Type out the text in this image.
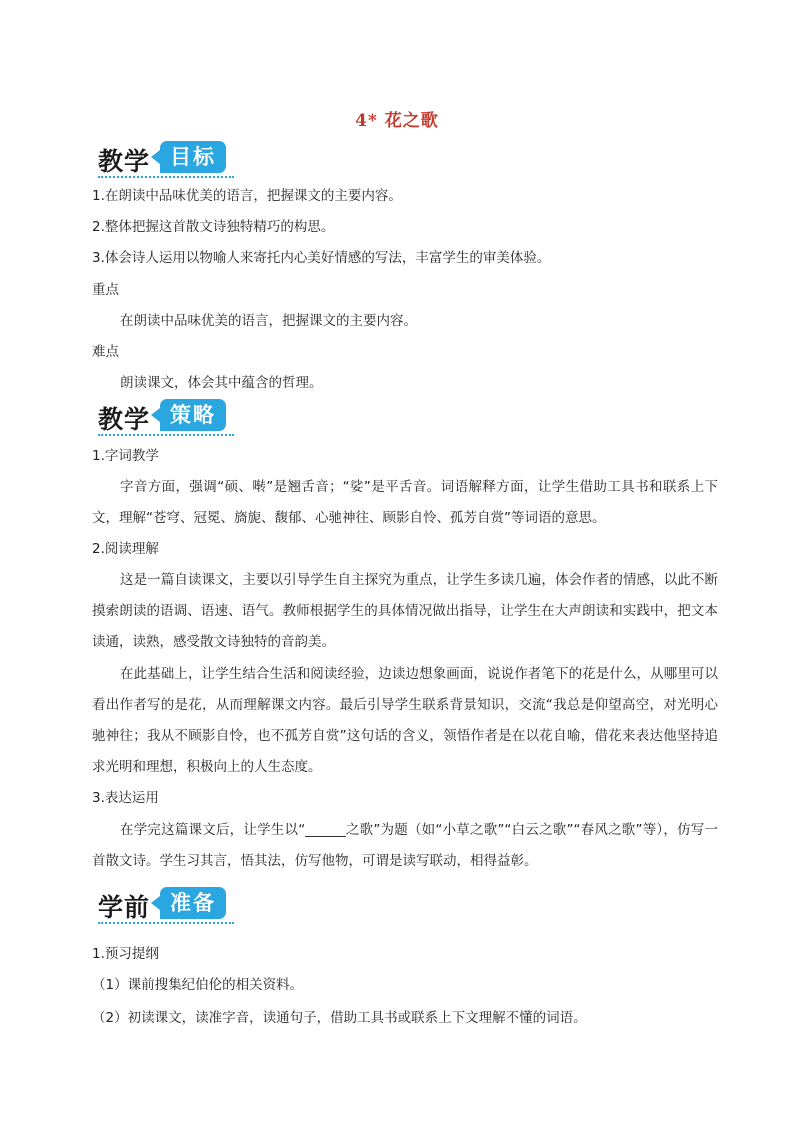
4* 花之歌
教学 目标
1.在朗读中品味优美的语言，把握课文的主要内容。
2.整体把握这首散文诗独特精巧的构思。
3.体会诗人运用以物喻人来寄托内心美好情感的写法，丰富学生的审美体验。
重点
在朗读中品味优美的语言，把握课文的主要内容。
难点
朗读课文，体会其中蕴含的哲理。
教学 策略
1.字词教学
字音方面，强调“硕、啭”是翘舌音；“娑”是平舌音。词语解释方面，让学生借助工具书和联系上下文，理解“苍穹、冠冕、旖旎、馥郁、心驰神往、顾影自怜、孤芳自赏”等词语的意思。
2.阅读理解
这是一篇自读课文，主要以引导学生自主探究为重点，让学生多读几遍，体会作者的情感，以此不断摸索朗读的语调、语速、语气。教师根据学生的具体情况做出指导，让学生在大声朗读和实践中，把文本读通，读熟，感受散文诗独特的音韵美。
在此基础上，让学生结合生活和阅读经验，边读边想象画面，说说作者笔下的花是什么，从哪里可以看出作者写的是花，从而理解课文内容。最后引导学生联系背景知识，交流“我总是仰望高空，对光明心驰神往；我从不顾影自怜，也不孤芳自赏”这句话的含义，领悟作者是在以花自喻，借花来表达他坚持追求光明和理想，积极向上的人生态度。
3.表达运用
在学完这篇课文后，让学生以“______之歌”为题（如“小草之歌”“白云之歌”“春风之歌”等），仿写一首散文诗。学生习其言，悟其法，仿写他物，可谓是读写联动，相得益彰。
学前 准备
1.预习提纲
（1）课前搜集纪伯伦的相关资料。
（2）初读课文，读准字音，读通句子，借助工具书或联系上下文理解不懂的词语。
